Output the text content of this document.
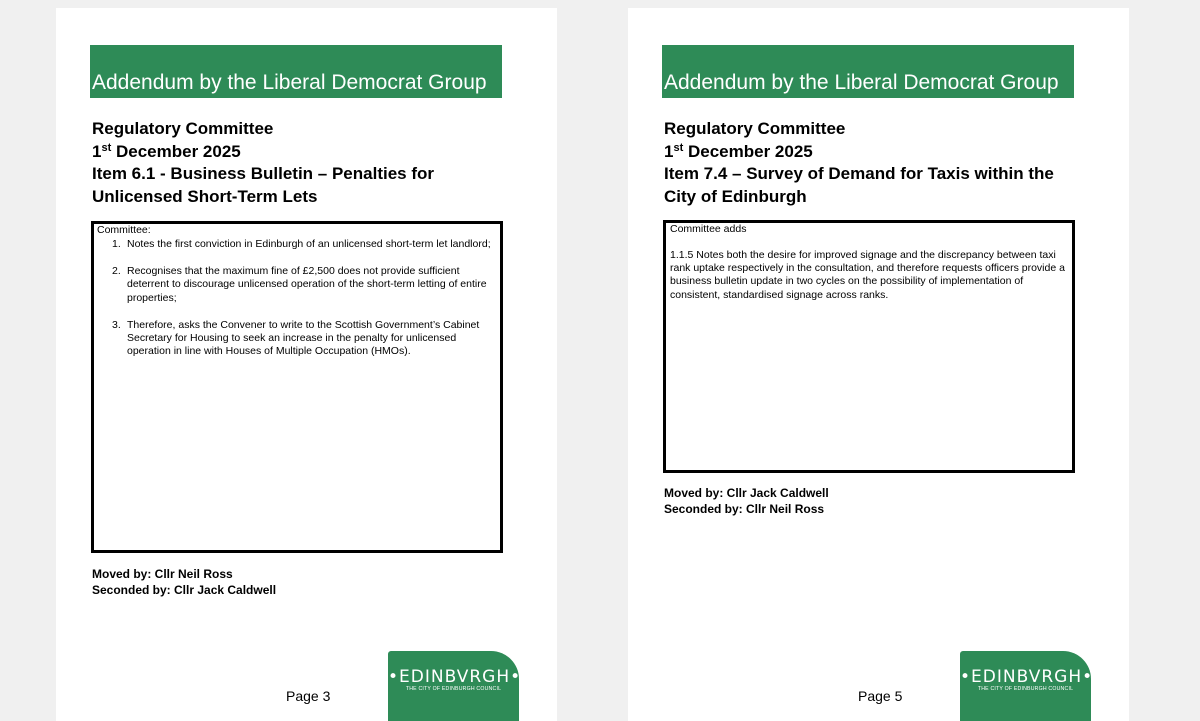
Addendum by the Liberal Democrat Group
Regulatory Committee
1st December 2025
Item 6.1 - Business Bulletin – Penalties for
Unlicensed Short-Term Lets
Committee:
1. Notes the first conviction in Edinburgh of an unlicensed short-term let landlord;
2. Recognises that the maximum fine of £2,500 does not provide sufficient deterrent to discourage unlicensed operation of the short-term letting of entire properties;
3. Therefore, asks the Convener to write to the Scottish Government’s Cabinet Secretary for Housing to seek an increase in the penalty for unlicensed operation in line with Houses of Multiple Occupation (HMOs).
Moved by: Cllr Neil Ross
Seconded by: Cllr Jack Caldwell
Page 3
•EDINBVRGH•
THE CITY OF EDINBURGH COUNCIL
Addendum by the Liberal Democrat Group
Regulatory Committee
1st December 2025
Item 7.4 – Survey of Demand for Taxis within the
City of Edinburgh
Committee adds
1.1.5 Notes both the desire for improved signage and the discrepancy between taxi rank uptake respectively in the consultation, and therefore requests officers provide a business bulletin update in two cycles on the possibility of implementation of consistent, standardised signage across ranks.
Moved by: Cllr Jack Caldwell
Seconded by: Cllr Neil Ross
Page 5
•EDINBVRGH•
THE CITY OF EDINBURGH COUNCIL
